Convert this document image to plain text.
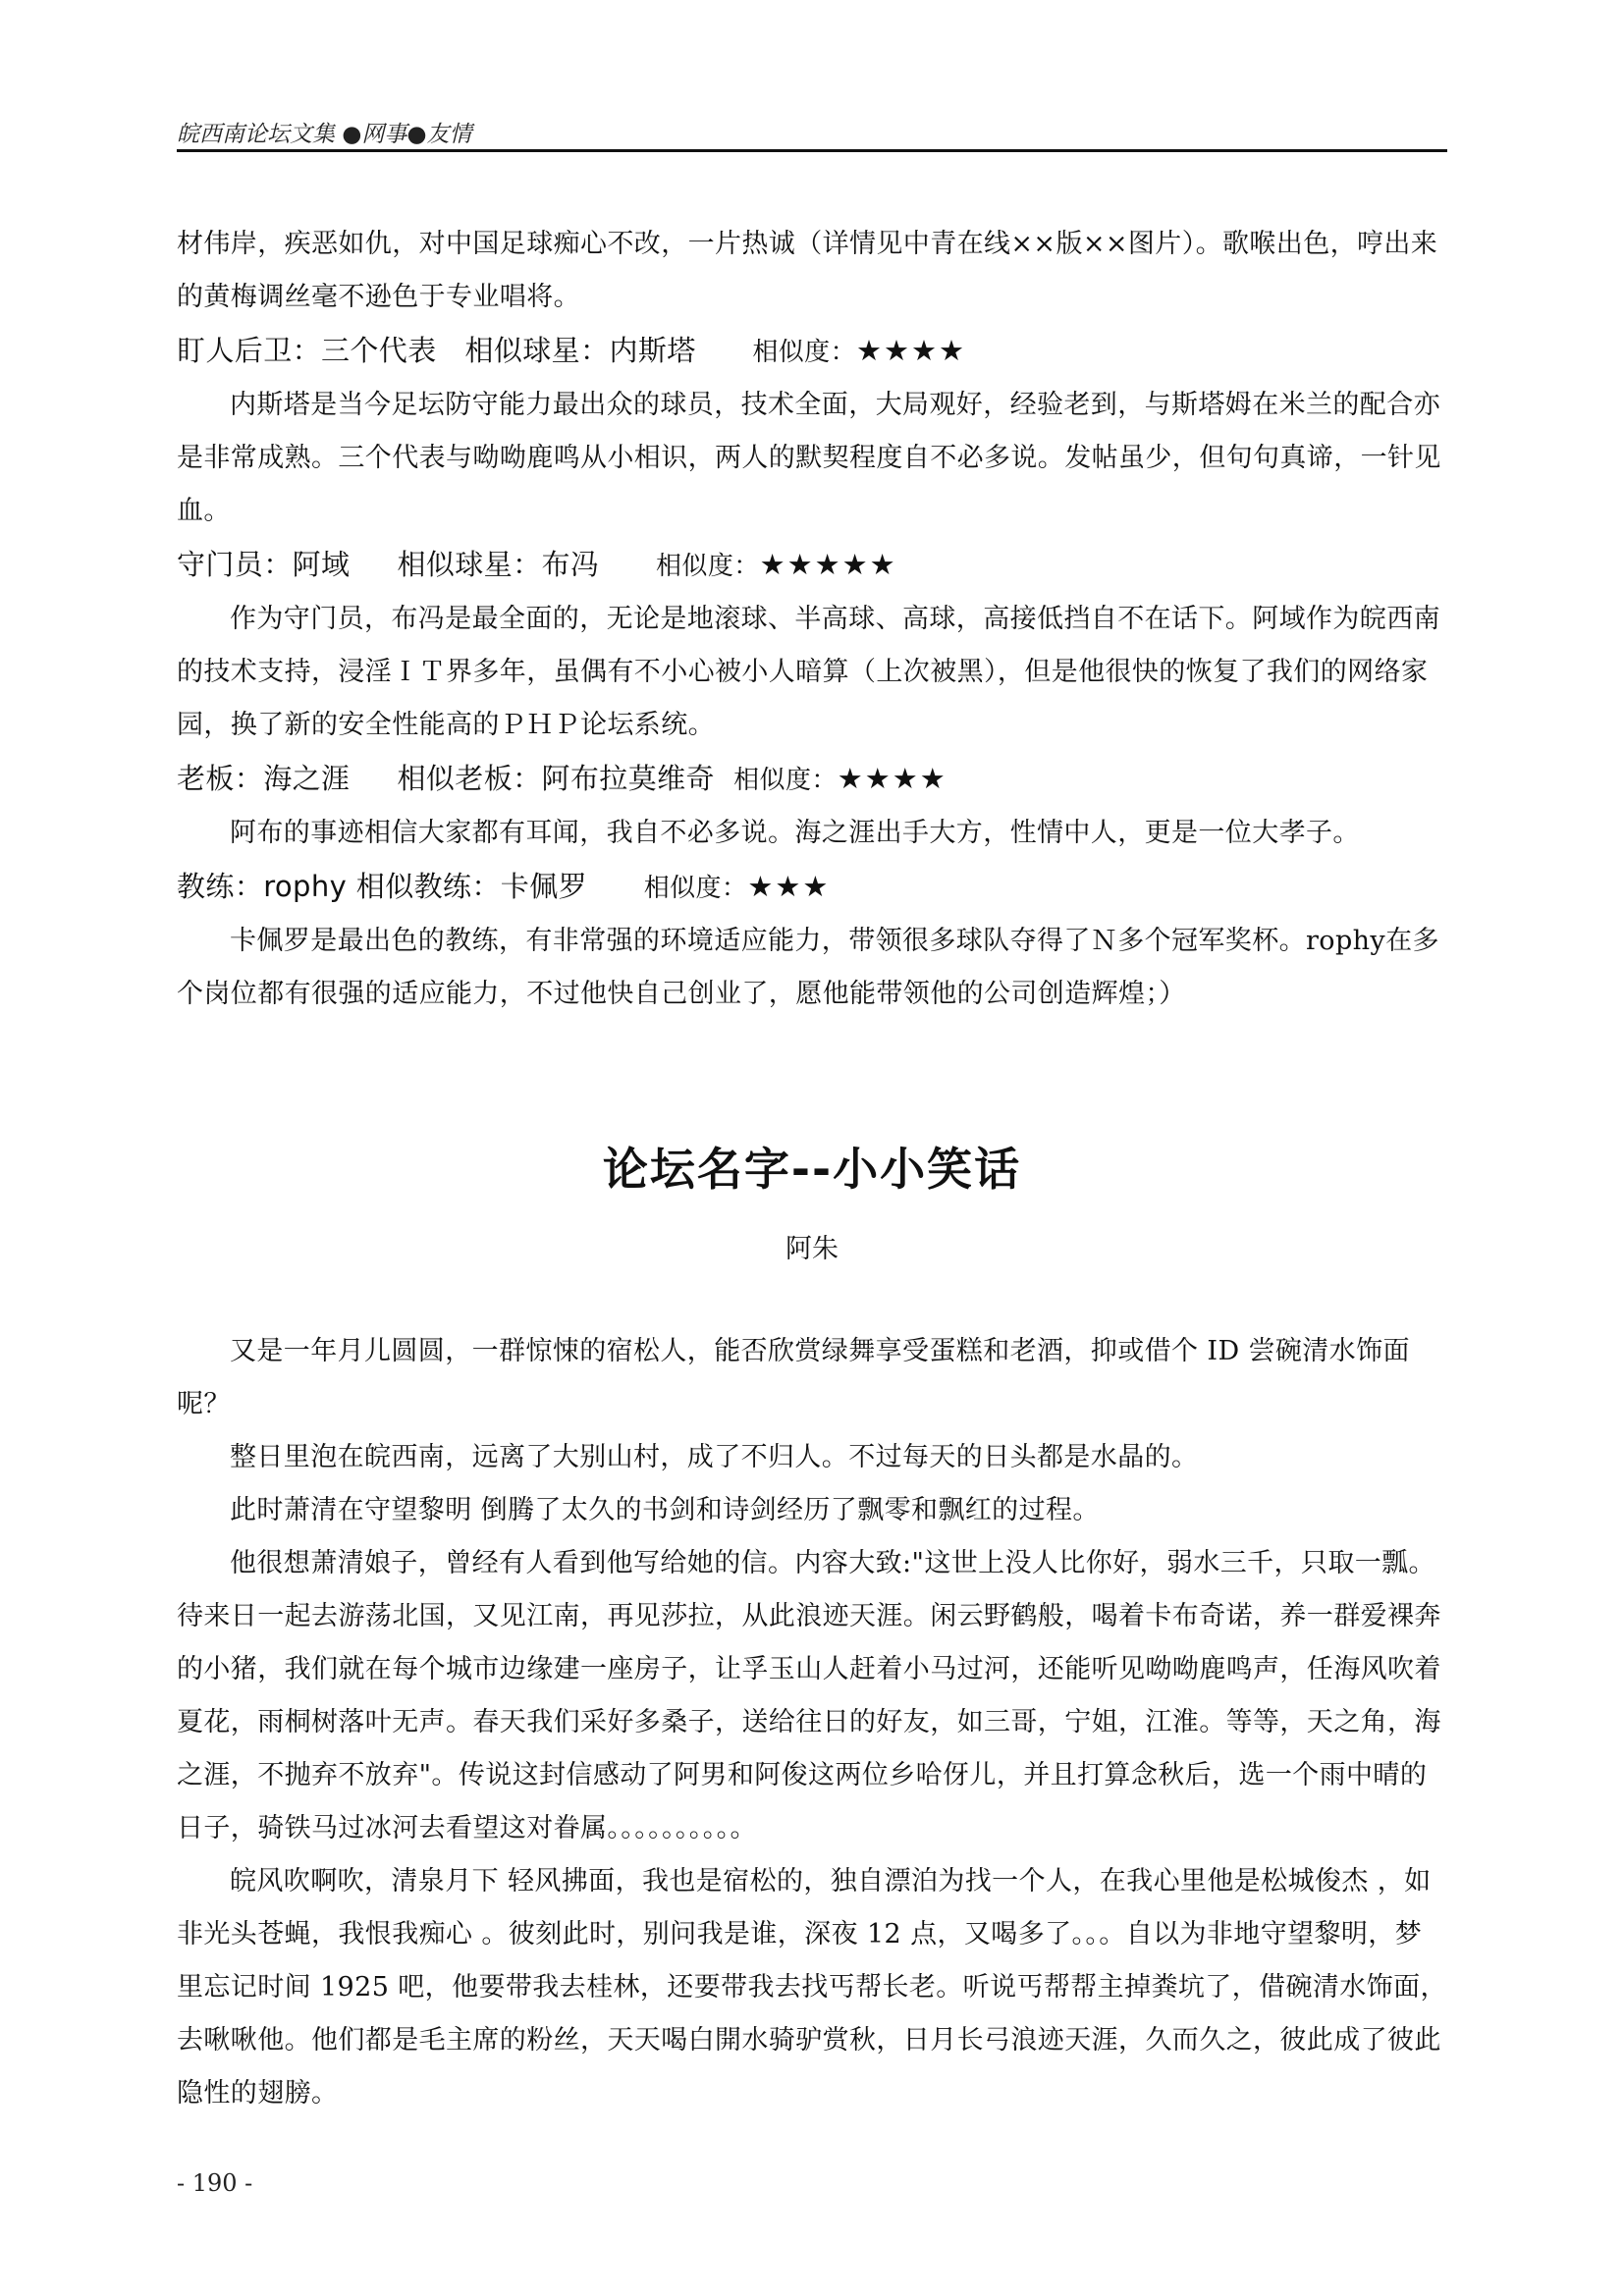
皖西南论坛文集 ●网事●友情

材伟岸，疾恶如仇，对中国足球痴心不改，一片热诚（详情见中青在线××版××图片）。歌喉出色，哼出来的黄梅调丝毫不逊色于专业唱将。

盯人后卫：三个代表   相似球星：内斯塔 相似度：★★★★

内斯塔是当今足坛防守能力最出众的球员，技术全面，大局观好，经验老到，与斯塔姆在米兰的配合亦是非常成熟。三个代表与呦呦鹿鸣从小相识，两人的默契程度自不必多说。发帖虽少，但句句真谛，一针见血。

守门员：阿域     相似球星：布冯 相似度：★★★★★

作为守门员，布冯是最全面的，无论是地滚球、半高球、高球，高接低挡自不在话下。阿域作为皖西南的技术支持，浸淫ＩＴ界多年，虽偶有不小心被小人暗算（上次被黑），但是他很快的恢复了我们的网络家园，换了新的安全性能高的ＰＨＰ论坛系统。

老板：海之涯     相似老板：阿布拉莫维奇 相似度：★★★★

阿布的事迹相信大家都有耳闻，我自不必多说。海之涯出手大方，性情中人，更是一位大孝子。

教练：rophy 相似教练：卡佩罗 相似度：★★★

卡佩罗是最出色的教练，有非常强的环境适应能力，带领很多球队夺得了Ｎ多个冠军奖杯。rophy在多个岗位都有很强的适应能力，不过他快自己创业了，愿他能带领他的公司创造辉煌；）

论坛名字--小小笑话
阿朱

又是一年月儿圆圆，一群惊悚的宿松人，能否欣赏绿舞享受蛋糕和老酒，抑或借个 ID 尝碗清水饰面呢？

整日里泡在皖西南，远离了大别山村，成了不归人。不过每天的日头都是水晶的。

此时萧清在守望黎明 倒腾了太久的书剑和诗剑经历了飘零和飘红的过程。

他很想萧清娘子，曾经有人看到他写给她的信。内容大致:"这世上没人比你好，弱水三千，只取一瓢。待来日一起去游荡北国，又见江南，再见莎拉，从此浪迹天涯。闲云野鹤般，喝着卡布奇诺，养一群爱裸奔的小猪，我们就在每个城市边缘建一座房子，让孚玉山人赶着小马过河，还能听见呦呦鹿鸣声，任海风吹着夏花，雨桐树落叶无声。春天我们采好多桑子，送给往日的好友，如三哥，宁姐，江淮。等等，天之角，海之涯，不抛弃不放弃"。传说这封信感动了阿男和阿俊这两位乡哈伢儿，并且打算念秋后，选一个雨中晴的日子，骑铁马过冰河去看望这对眷属。。。。。。。。。。

皖风吹啊吹，清泉月下 轻风拂面，我也是宿松的，独自漂泊为找一个人，在我心里他是松城俊杰 ，如非光头苍蝇，我恨我痴心 。彼刻此时，别问我是谁，深夜 12 点，又喝多了。。。自以为非地守望黎明，梦里忘记时间 1925 吧，他要带我去桂林，还要带我去找丐帮长老。听说丐帮帮主掉粪坑了，借碗清水饰面，去啾啾他。他们都是毛主席的粉丝，天天喝白開水骑驴赏秋，日月长弓浪迹天涯，久而久之，彼此成了彼此隐性的翅膀。

- 190 -
